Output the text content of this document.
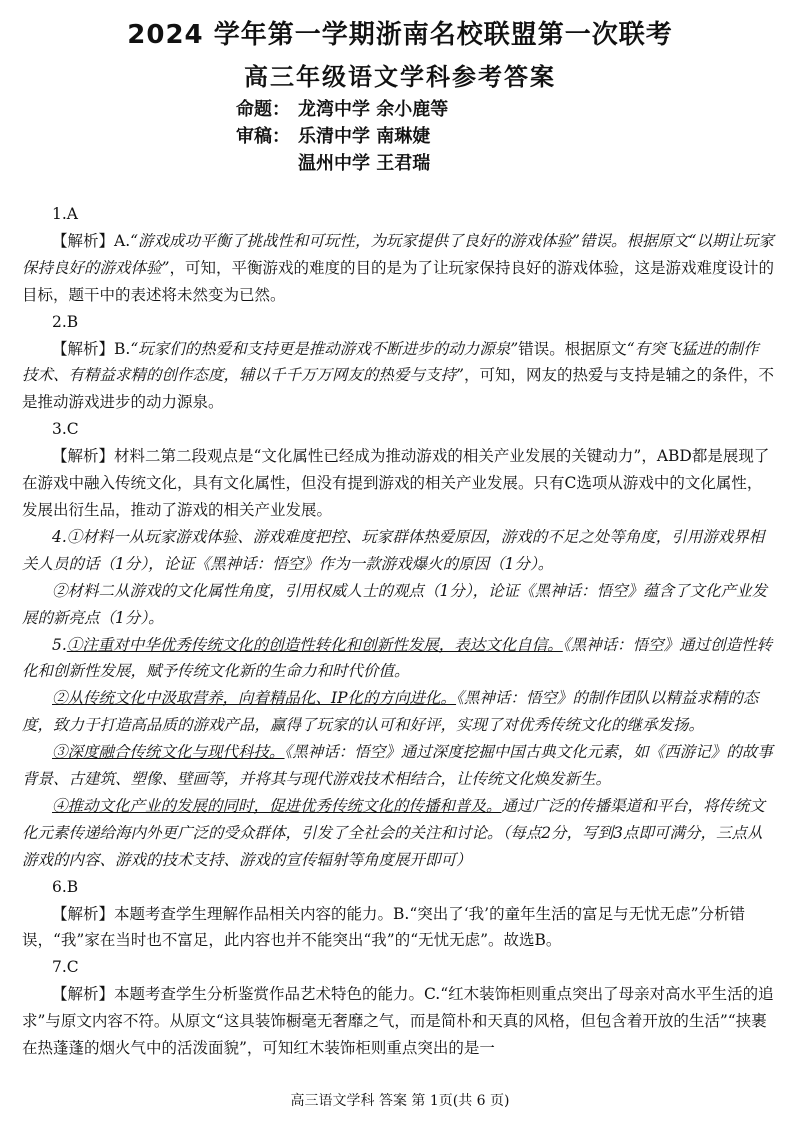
2024 学年第一学期浙南名校联盟第一次联考
高三年级语文学科参考答案
命题： 龙湾中学 余小鹿等
审稿： 乐清中学 南琳婕
温州中学 王君瑞

1.A

【解析】A.“游戏成功平衡了挑战性和可玩性，为玩家提供了良好的游戏体验”错误。根据原文“以期让玩家保持良好的游戏体验”，可知，平衡游戏的难度的目的是为了让玩家保持良好的游戏体验，这是游戏难度设计的目标，题干中的表述将未然变为已然。

2.B

【解析】B.“玩家们的热爱和支持更是推动游戏不断进步的动力源泉”错误。根据原文“有突飞猛进的制作技术、有精益求精的创作态度，辅以千千万万网友的热爱与支持”，可知，网友的热爱与支持是辅之的条件，不是推动游戏进步的动力源泉。

3.C

【解析】材料二第二段观点是“文化属性已经成为推动游戏的相关产业发展的关键动力”，ABD都是展现了在游戏中融入传统文化，具有文化属性，但没有提到游戏的相关产业发展。只有C选项从游戏中的文化属性，发展出衍生品，推动了游戏的相关产业发展。

4.①材料一从玩家游戏体验、游戏难度把控、玩家群体热爱原因，游戏的不足之处等角度，引用游戏界相关人员的话（1分），论证《黑神话：悟空》作为一款游戏爆火的原因（1分）。

②材料二从游戏的文化属性角度，引用权威人士的观点（1分），论证《黑神话：悟空》蕴含了文化产业发展的新亮点（1分）。

5.①注重对中华优秀传统文化的创造性转化和创新性发展，表达文化自信。《黑神话：悟空》通过创造性转化和创新性发展，赋予传统文化新的生命力和时代价值。

②从传统文化中汲取营养，向着精品化、IP化的方向进化。《黑神话：悟空》的制作团队以精益求精的态度，致力于打造高品质的游戏产品，赢得了玩家的认可和好评，实现了对优秀传统文化的继承发扬。

③深度融合传统文化与现代科技。《黑神话：悟空》通过深度挖掘中国古典文化元素，如《西游记》的故事背景、古建筑、塑像、壁画等，并将其与现代游戏技术相结合，让传统文化焕发新生。

④推动文化产业的发展的同时，促进优秀传统文化的传播和普及。通过广泛的传播渠道和平台，将传统文化元素传递给海内外更广泛的受众群体，引发了全社会的关注和讨论。（每点2分，写到3点即可满分，三点从游戏的内容、游戏的技术支持、游戏的宣传辐射等角度展开即可）

6.B

【解析】本题考查学生理解作品相关内容的能力。B.“突出了‘我’的童年生活的富足与无忧无虑”分析错误，“我”家在当时也不富足，此内容也并不能突出“我”的“无忧无虑”。故选B。

7.C

【解析】本题考查学生分析鉴赏作品艺术特色的能力。C.“红木装饰柜则重点突出了母亲对高水平生活的追求”与原文内容不符。从原文“这具装饰橱毫无奢靡之气，而是简朴和天真的风格，但包含着开放的生活”“挟裹在热蓬蓬的烟火气中的活泼面貌”，可知红木装饰柜则重点突出的是一

高三语文学科 答案 第 1页(共 6 页)
